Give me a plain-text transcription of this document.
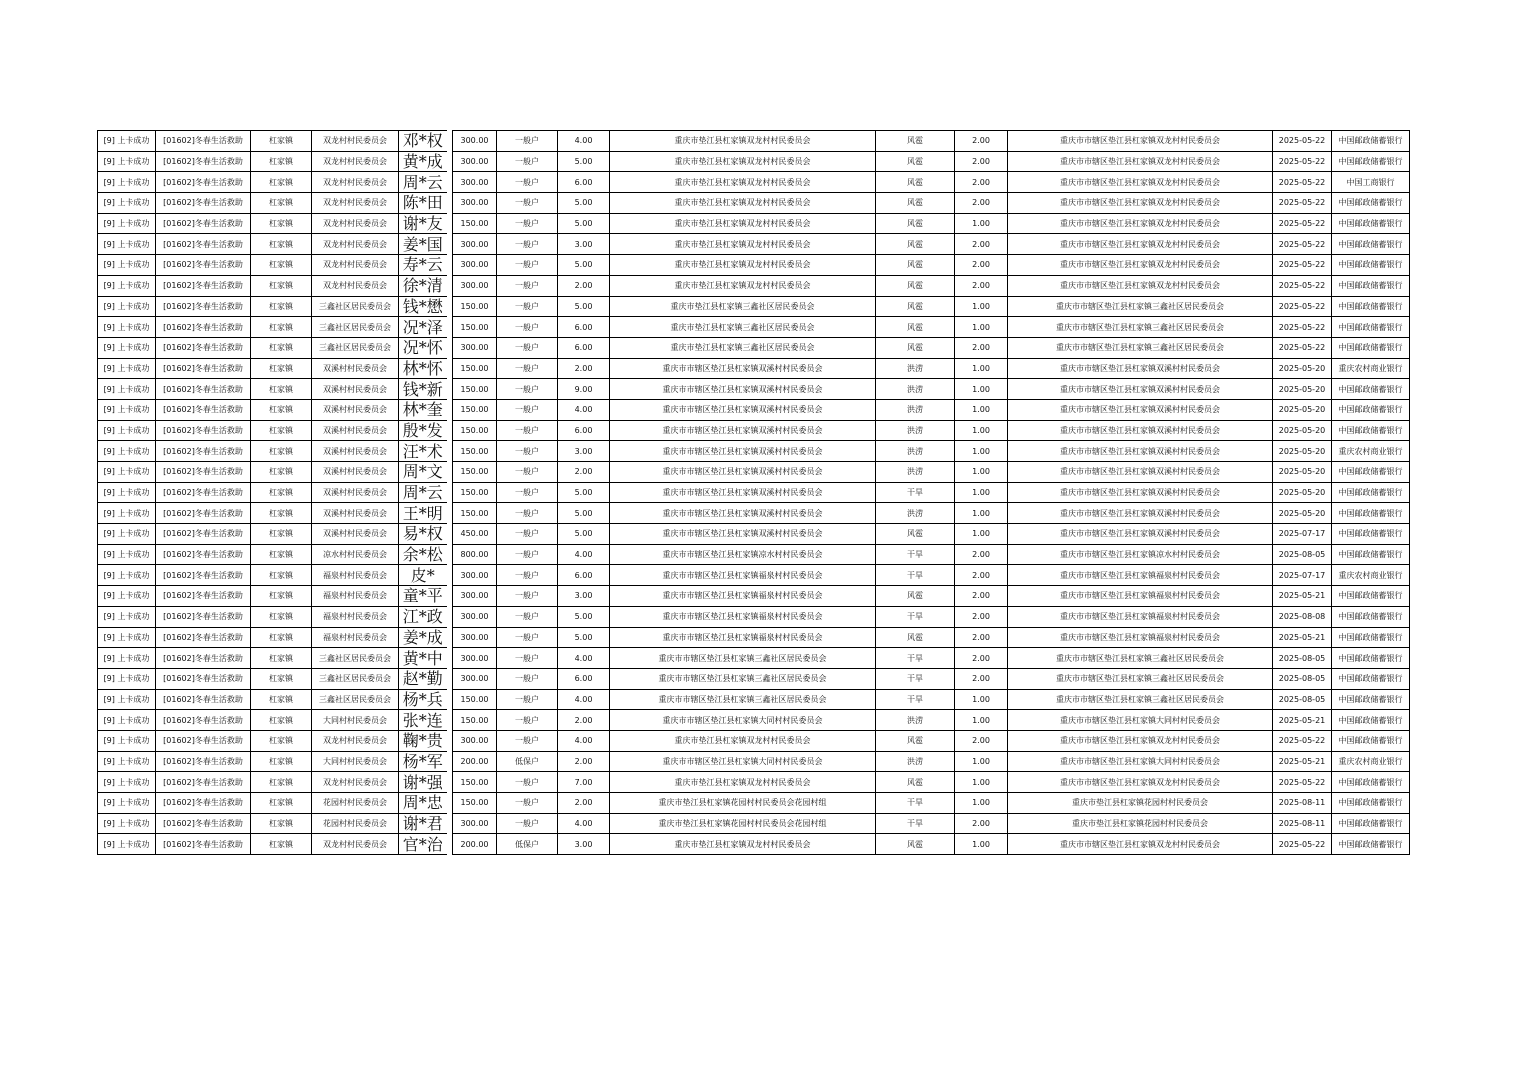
[9] 上卡成功	[01602]冬春生活救助	杠家镇	双龙村村民委员会	邓*权		300.00	一般户	4.00	重庆市垫江县杠家镇双龙村村民委员会	风雹	2.00	重庆市市辖区垫江县杠家镇双龙村村民委员会	2025-05-22	中国邮政储蓄银行
[9] 上卡成功	[01602]冬春生活救助	杠家镇	双龙村村民委员会	黄*成		300.00	一般户	5.00	重庆市垫江县杠家镇双龙村村民委员会	风雹	2.00	重庆市市辖区垫江县杠家镇双龙村村民委员会	2025-05-22	中国邮政储蓄银行
[9] 上卡成功	[01602]冬春生活救助	杠家镇	双龙村村民委员会	周*云		300.00	一般户	6.00	重庆市垫江县杠家镇双龙村村民委员会	风雹	2.00	重庆市市辖区垫江县杠家镇双龙村村民委员会	2025-05-22	中国工商银行
[9] 上卡成功	[01602]冬春生活救助	杠家镇	双龙村村民委员会	陈*田		300.00	一般户	5.00	重庆市垫江县杠家镇双龙村村民委员会	风雹	2.00	重庆市市辖区垫江县杠家镇双龙村村民委员会	2025-05-22	中国邮政储蓄银行
[9] 上卡成功	[01602]冬春生活救助	杠家镇	双龙村村民委员会	谢*友		150.00	一般户	5.00	重庆市垫江县杠家镇双龙村村民委员会	风雹	1.00	重庆市市辖区垫江县杠家镇双龙村村民委员会	2025-05-22	中国邮政储蓄银行
[9] 上卡成功	[01602]冬春生活救助	杠家镇	双龙村村民委员会	姜*国		300.00	一般户	3.00	重庆市垫江县杠家镇双龙村村民委员会	风雹	2.00	重庆市市辖区垫江县杠家镇双龙村村民委员会	2025-05-22	中国邮政储蓄银行
[9] 上卡成功	[01602]冬春生活救助	杠家镇	双龙村村民委员会	寿*云		300.00	一般户	5.00	重庆市垫江县杠家镇双龙村村民委员会	风雹	2.00	重庆市市辖区垫江县杠家镇双龙村村民委员会	2025-05-22	中国邮政储蓄银行
[9] 上卡成功	[01602]冬春生活救助	杠家镇	双龙村村民委员会	徐*清		300.00	一般户	2.00	重庆市垫江县杠家镇双龙村村民委员会	风雹	2.00	重庆市市辖区垫江县杠家镇双龙村村民委员会	2025-05-22	中国邮政储蓄银行
[9] 上卡成功	[01602]冬春生活救助	杠家镇	三鑫社区居民委员会	钱*懋		150.00	一般户	5.00	重庆市垫江县杠家镇三鑫社区居民委员会	风雹	1.00	重庆市市辖区垫江县杠家镇三鑫社区居民委员会	2025-05-22	中国邮政储蓄银行
[9] 上卡成功	[01602]冬春生活救助	杠家镇	三鑫社区居民委员会	况*泽		150.00	一般户	6.00	重庆市垫江县杠家镇三鑫社区居民委员会	风雹	1.00	重庆市市辖区垫江县杠家镇三鑫社区居民委员会	2025-05-22	中国邮政储蓄银行
[9] 上卡成功	[01602]冬春生活救助	杠家镇	三鑫社区居民委员会	况*怀		300.00	一般户	6.00	重庆市垫江县杠家镇三鑫社区居民委员会	风雹	2.00	重庆市市辖区垫江县杠家镇三鑫社区居民委员会	2025-05-22	中国邮政储蓄银行
[9] 上卡成功	[01602]冬春生活救助	杠家镇	双溪村村民委员会	林*怀		150.00	一般户	2.00	重庆市市辖区垫江县杠家镇双溪村村民委员会	洪涝	1.00	重庆市市辖区垫江县杠家镇双溪村村民委员会	2025-05-20	重庆农村商业银行
[9] 上卡成功	[01602]冬春生活救助	杠家镇	双溪村村民委员会	钱*新		150.00	一般户	9.00	重庆市市辖区垫江县杠家镇双溪村村民委员会	洪涝	1.00	重庆市市辖区垫江县杠家镇双溪村村民委员会	2025-05-20	中国邮政储蓄银行
[9] 上卡成功	[01602]冬春生活救助	杠家镇	双溪村村民委员会	林*奎		150.00	一般户	4.00	重庆市市辖区垫江县杠家镇双溪村村民委员会	洪涝	1.00	重庆市市辖区垫江县杠家镇双溪村村民委员会	2025-05-20	中国邮政储蓄银行
[9] 上卡成功	[01602]冬春生活救助	杠家镇	双溪村村民委员会	殷*发		150.00	一般户	6.00	重庆市市辖区垫江县杠家镇双溪村村民委员会	洪涝	1.00	重庆市市辖区垫江县杠家镇双溪村村民委员会	2025-05-20	中国邮政储蓄银行
[9] 上卡成功	[01602]冬春生活救助	杠家镇	双溪村村民委员会	汪*术		150.00	一般户	3.00	重庆市市辖区垫江县杠家镇双溪村村民委员会	洪涝	1.00	重庆市市辖区垫江县杠家镇双溪村村民委员会	2025-05-20	重庆农村商业银行
[9] 上卡成功	[01602]冬春生活救助	杠家镇	双溪村村民委员会	周*文		150.00	一般户	2.00	重庆市市辖区垫江县杠家镇双溪村村民委员会	洪涝	1.00	重庆市市辖区垫江县杠家镇双溪村村民委员会	2025-05-20	中国邮政储蓄银行
[9] 上卡成功	[01602]冬春生活救助	杠家镇	双溪村村民委员会	周*云		150.00	一般户	5.00	重庆市市辖区垫江县杠家镇双溪村村民委员会	干旱	1.00	重庆市市辖区垫江县杠家镇双溪村村民委员会	2025-05-20	中国邮政储蓄银行
[9] 上卡成功	[01602]冬春生活救助	杠家镇	双溪村村民委员会	王*明		150.00	一般户	5.00	重庆市市辖区垫江县杠家镇双溪村村民委员会	洪涝	1.00	重庆市市辖区垫江县杠家镇双溪村村民委员会	2025-05-20	中国邮政储蓄银行
[9] 上卡成功	[01602]冬春生活救助	杠家镇	双溪村村民委员会	易*权		450.00	一般户	5.00	重庆市市辖区垫江县杠家镇双溪村村民委员会	风雹	1.00	重庆市市辖区垫江县杠家镇双溪村村民委员会	2025-07-17	中国邮政储蓄银行
[9] 上卡成功	[01602]冬春生活救助	杠家镇	凉水村村民委员会	余*松		800.00	一般户	4.00	重庆市市辖区垫江县杠家镇凉水村村民委员会	干旱	2.00	重庆市市辖区垫江县杠家镇凉水村村民委员会	2025-08-05	中国邮政储蓄银行
[9] 上卡成功	[01602]冬春生活救助	杠家镇	福泉村村民委员会	皮*		300.00	一般户	6.00	重庆市市辖区垫江县杠家镇福泉村村民委员会	干旱	2.00	重庆市市辖区垫江县杠家镇福泉村村民委员会	2025-07-17	重庆农村商业银行
[9] 上卡成功	[01602]冬春生活救助	杠家镇	福泉村村民委员会	童*平		300.00	一般户	3.00	重庆市市辖区垫江县杠家镇福泉村村民委员会	风雹	2.00	重庆市市辖区垫江县杠家镇福泉村村民委员会	2025-05-21	中国邮政储蓄银行
[9] 上卡成功	[01602]冬春生活救助	杠家镇	福泉村村民委员会	江*政		300.00	一般户	5.00	重庆市市辖区垫江县杠家镇福泉村村民委员会	干旱	2.00	重庆市市辖区垫江县杠家镇福泉村村民委员会	2025-08-08	中国邮政储蓄银行
[9] 上卡成功	[01602]冬春生活救助	杠家镇	福泉村村民委员会	姜*成		300.00	一般户	5.00	重庆市市辖区垫江县杠家镇福泉村村民委员会	风雹	2.00	重庆市市辖区垫江县杠家镇福泉村村民委员会	2025-05-21	中国邮政储蓄银行
[9] 上卡成功	[01602]冬春生活救助	杠家镇	三鑫社区居民委员会	黄*中		300.00	一般户	4.00	重庆市市辖区垫江县杠家镇三鑫社区居民委员会	干旱	2.00	重庆市市辖区垫江县杠家镇三鑫社区居民委员会	2025-08-05	中国邮政储蓄银行
[9] 上卡成功	[01602]冬春生活救助	杠家镇	三鑫社区居民委员会	赵*勤		300.00	一般户	6.00	重庆市市辖区垫江县杠家镇三鑫社区居民委员会	干旱	2.00	重庆市市辖区垫江县杠家镇三鑫社区居民委员会	2025-08-05	中国邮政储蓄银行
[9] 上卡成功	[01602]冬春生活救助	杠家镇	三鑫社区居民委员会	杨*兵		150.00	一般户	4.00	重庆市市辖区垫江县杠家镇三鑫社区居民委员会	干旱	1.00	重庆市市辖区垫江县杠家镇三鑫社区居民委员会	2025-08-05	中国邮政储蓄银行
[9] 上卡成功	[01602]冬春生活救助	杠家镇	大同村村民委员会	张*连		150.00	一般户	2.00	重庆市市辖区垫江县杠家镇大同村村民委员会	洪涝	1.00	重庆市市辖区垫江县杠家镇大同村村民委员会	2025-05-21	中国邮政储蓄银行
[9] 上卡成功	[01602]冬春生活救助	杠家镇	双龙村村民委员会	鞠*贵		300.00	一般户	4.00	重庆市垫江县杠家镇双龙村村民委员会	风雹	2.00	重庆市市辖区垫江县杠家镇双龙村村民委员会	2025-05-22	中国邮政储蓄银行
[9] 上卡成功	[01602]冬春生活救助	杠家镇	大同村村民委员会	杨*军		200.00	低保户	2.00	重庆市市辖区垫江县杠家镇大同村村民委员会	洪涝	1.00	重庆市市辖区垫江县杠家镇大同村村民委员会	2025-05-21	重庆农村商业银行
[9] 上卡成功	[01602]冬春生活救助	杠家镇	双龙村村民委员会	谢*强		150.00	一般户	7.00	重庆市垫江县杠家镇双龙村村民委员会	风雹	1.00	重庆市市辖区垫江县杠家镇双龙村村民委员会	2025-05-22	中国邮政储蓄银行
[9] 上卡成功	[01602]冬春生活救助	杠家镇	花园村村民委员会	周*忠		150.00	一般户	2.00	重庆市垫江县杠家镇花园村村民委员会花园村组	干旱	1.00	重庆市垫江县杠家镇花园村村民委员会	2025-08-11	中国邮政储蓄银行
[9] 上卡成功	[01602]冬春生活救助	杠家镇	花园村村民委员会	谢*君		300.00	一般户	4.00	重庆市垫江县杠家镇花园村村民委员会花园村组	干旱	2.00	重庆市垫江县杠家镇花园村村民委员会	2025-08-11	中国邮政储蓄银行
[9] 上卡成功	[01602]冬春生活救助	杠家镇	双龙村村民委员会	官*治		200.00	低保户	3.00	重庆市垫江县杠家镇双龙村村民委员会	风雹	1.00	重庆市市辖区垫江县杠家镇双龙村村民委员会	2025-05-22	中国邮政储蓄银行
